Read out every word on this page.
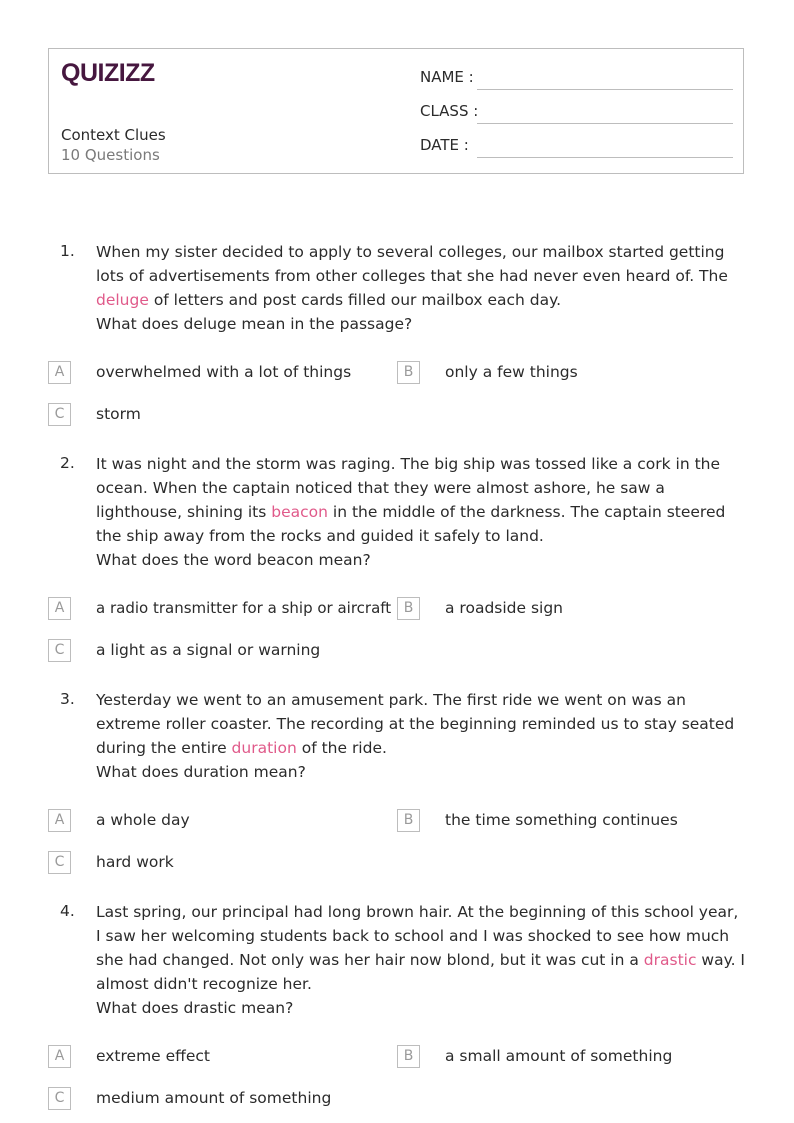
QUIZIZZ
Context Clues
10 Questions
NAME :
CLASS :
DATE :
1. When my sister decided to apply to several colleges, our mailbox started getting lots of advertisements from other colleges that she had never even heard of. The deluge of letters and post cards filled our mailbox each day.
What does deluge mean in the passage?
A	overwhelmed with a lot of things	B	only a few things
C	storm
2. It was night and the storm was raging. The big ship was tossed like a cork in the ocean. When the captain noticed that they were almost ashore, he saw a lighthouse, shining its beacon in the middle of the darkness. The captain steered the ship away from the rocks and guided it safely to land.
What does the word beacon mean?
A	a radio transmitter for a ship or aircraft B	a roadside sign
C	a light as a signal or warning
3. Yesterday we went to an amusement park. The first ride we went on was an extreme roller coaster. The recording at the beginning reminded us to stay seated during the entire duration of the ride.
What does duration mean?
A	a whole day	B	the time something continues
C	hard work
4. Last spring, our principal had long brown hair. At the beginning of this school year, I saw her welcoming students back to school and I was shocked to see how much she had changed. Not only was her hair now blond, but it was cut in a drastic way. I almost didn't recognize her.
What does drastic mean?
A	extreme effect	B	a small amount of something
C	medium amount of something
